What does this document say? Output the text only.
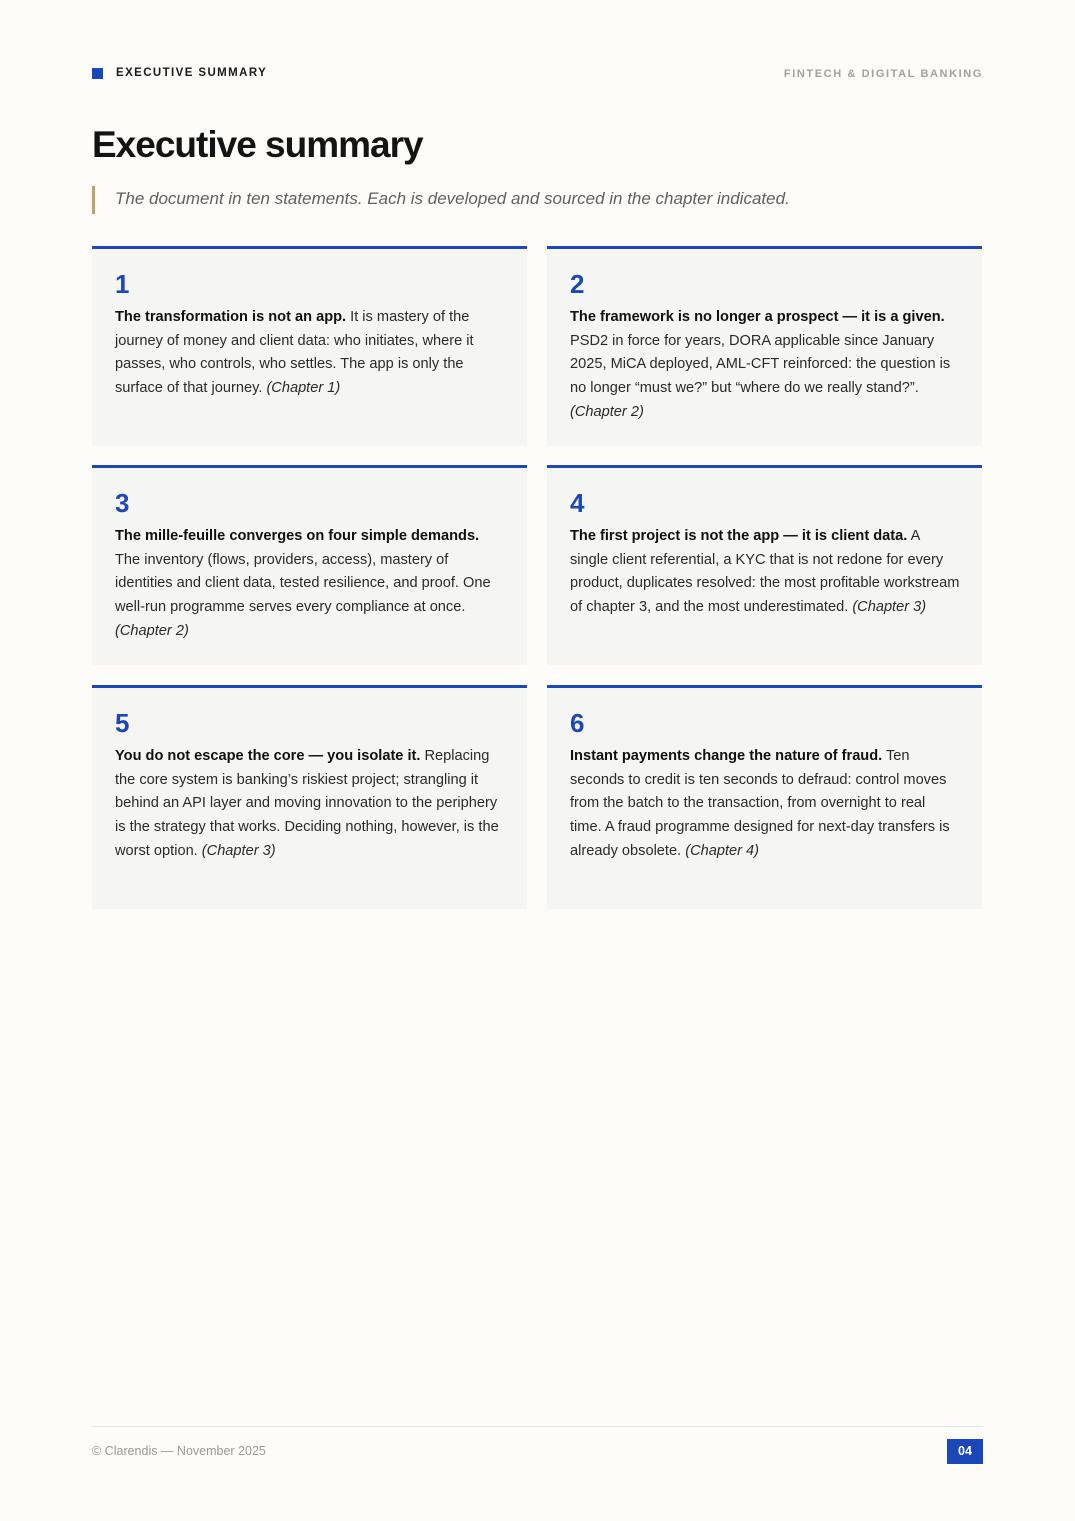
EXECUTIVE SUMMARY	FINTECH & DIGITAL BANKING
Executive summary
The document in ten statements. Each is developed and sourced in the chapter indicated.
1
The transformation is not an app. It is mastery of the journey of money and client data: who initiates, where it passes, who controls, who settles. The app is only the surface of that journey. (Chapter 1)
2
The framework is no longer a prospect — it is a given. PSD2 in force for years, DORA applicable since January 2025, MiCA deployed, AML-CFT reinforced: the question is no longer “must we?” but “where do we really stand?”. (Chapter 2)
3
The mille-feuille converges on four simple demands. The inventory (flows, providers, access), mastery of identities and client data, tested resilience, and proof. One well-run programme serves every compliance at once. (Chapter 2)
4
The first project is not the app — it is client data. A single client referential, a KYC that is not redone for every product, duplicates resolved: the most profitable workstream of chapter 3, and the most underestimated. (Chapter 3)
5
You do not escape the core — you isolate it. Replacing the core system is banking’s riskiest project; strangling it behind an API layer and moving innovation to the periphery is the strategy that works. Deciding nothing, however, is the worst option. (Chapter 3)
6
Instant payments change the nature of fraud. Ten seconds to credit is ten seconds to defraud: control moves from the batch to the transaction, from overnight to real time. A fraud programme designed for next-day transfers is already obsolete. (Chapter 4)
© Clarendis — November 2025	04
